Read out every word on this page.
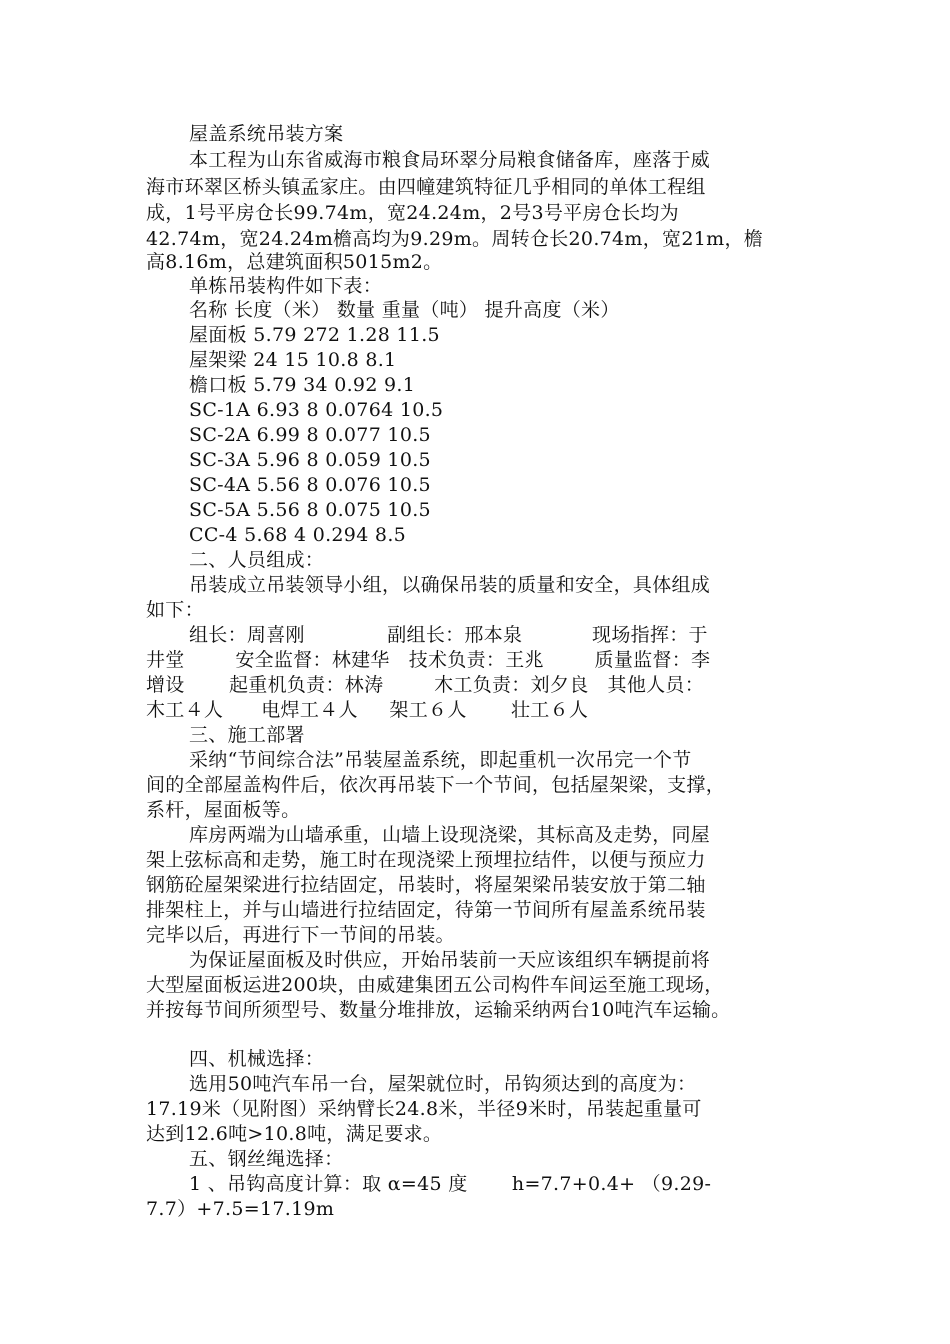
屋盖系统吊装方案
本工程为山东省威海市粮食局环翠分局粮食储备库，座落于威
海市环翠区桥头镇孟家庄。由四幢建筑特征几乎相同的单体工程组
成，1号平房仓长99.74m，宽24.24m，2号3号平房仓长均为
42.74m，宽24.24m檐高均为9.29m。周转仓长20.74m，宽21m，檐
高8.16m，总建筑面积5015m2。
单栋吊装构件如下表：
名称 长度（米） 数量 重量（吨） 提升高度（米）
屋面板 5.79 272 1.28 11.5
屋架梁 24 15 10.8 8.1
檐口板 5.79 34 0.92 9.1
SC-1A 6.93 8 0.0764 10.5
SC-2A 6.99 8 0.077 10.5
SC-3A 5.96 8 0.059 10.5
SC-4A 5.56 8 0.076 10.5
SC-5A 5.56 8 0.075 10.5
CC-4 5.68 4 0.294 8.5
二、人员组成：
吊装成立吊装领导小组，以确保吊装的质量和安全，具体组成
如下：
组长：周喜刚             副组长：邢本泉           现场指挥：于
井堂        安全监督：林建华   技术负责：王兆        质量监督：李
增设       起重机负责：林涛        木工负责：刘夕良   其他人员：
木工４人      电焊工４人     架工６人       壮工６人
三、施工部署
采纳“节间综合法”吊装屋盖系统，即起重机一次吊完一个节
间的全部屋盖构件后，依次再吊装下一个节间，包括屋架梁，支撑，
系杆，屋面板等。
库房两端为山墙承重，山墙上设现浇梁，其标高及走势，同屋
架上弦标高和走势，施工时在现浇梁上预埋拉结件，以便与预应力
钢筋砼屋架梁进行拉结固定，吊装时，将屋架梁吊装安放于第二轴
排架柱上，并与山墙进行拉结固定，待第一节间所有屋盖系统吊装
完毕以后，再进行下一节间的吊装。
为保证屋面板及时供应，开始吊装前一天应该组织车辆提前将
大型屋面板运进200块，由威建集团五公司构件车间运至施工现场，
并按每节间所须型号、数量分堆排放，运输采纳两台10吨汽车运输。
四、机械选择：
选用50吨汽车吊一台，屋架就位时，吊钩须达到的高度为：
17.19米（见附图）采纳臂长24.8米，半径9米时，吊装起重量可
达到12.6吨>10.8吨，满足要求。
五、钢丝绳选择：
1 、吊钩高度计算：取 α=45 度       h=7.7+0.4+ （9.29-
7.7）+7.5=17.19m
